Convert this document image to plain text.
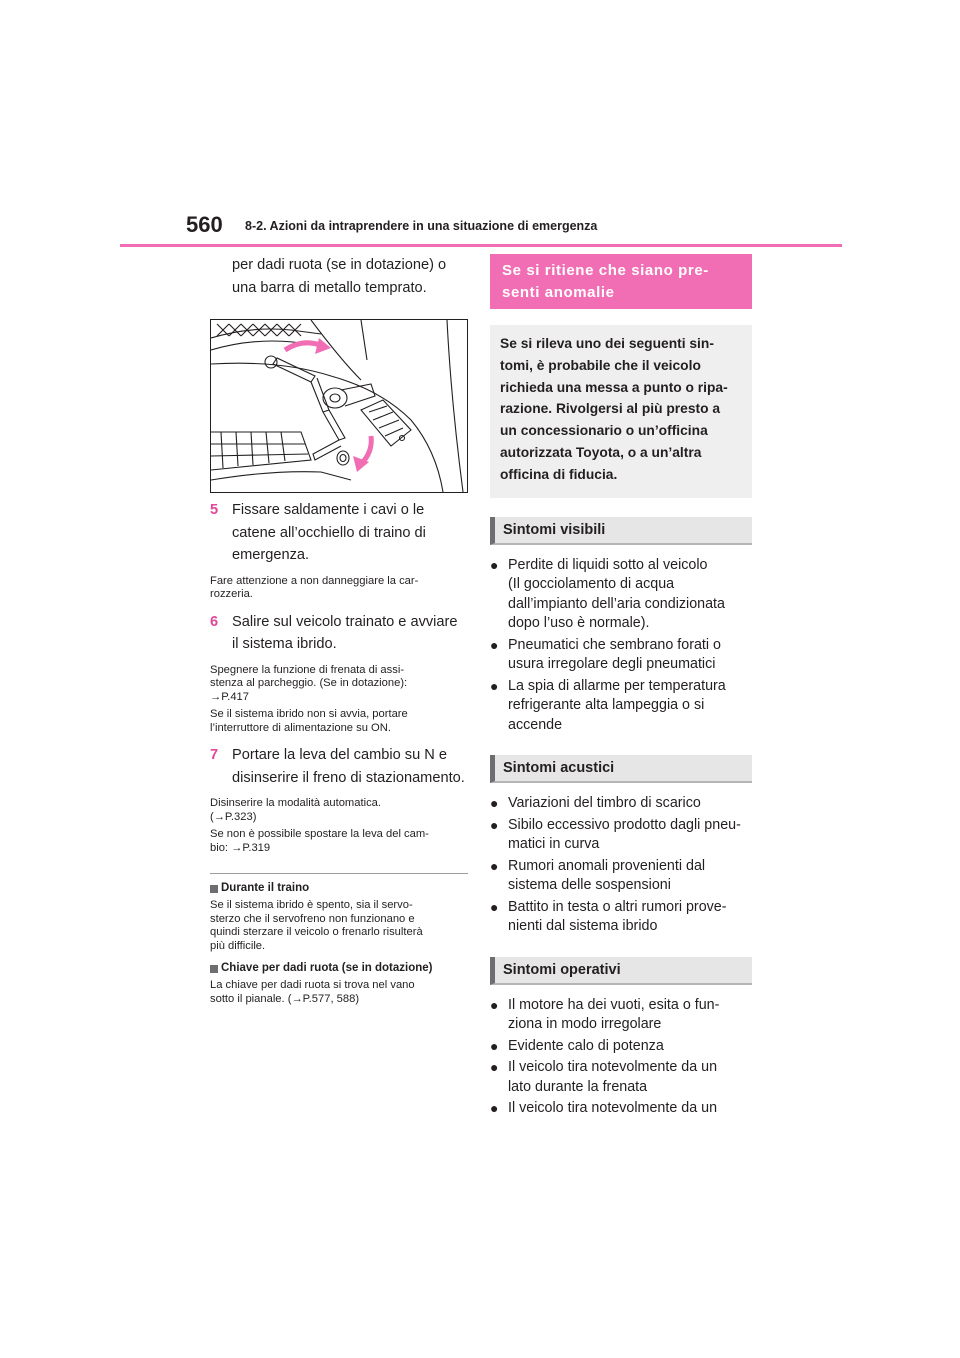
560 8-2. Azioni da intraprendere in una situazione di emergenza
per dadi ruota (se in dotazione) o
una barra di metallo temprato.
5 Fissare saldamente i cavi o le
catene all’occhiello di traino di
emergenza.
Fare attenzione a non danneggiare la car-
rozzeria.
6 Salire sul veicolo trainato e avviare
il sistema ibrido.
Spegnere la funzione di frenata di assi-
stenza al parcheggio. (Se in dotazione):
→P.417
Se il sistema ibrido non si avvia, portare
l’interruttore di alimentazione su ON.
7 Portare la leva del cambio su N e
disinserire il freno di stazionamento.
Disinserire la modalità automatica.
(→P.323)
Se non è possibile spostare la leva del cam-
bio: →P.319
Durante il traino
Se il sistema ibrido è spento, sia il servo-
sterzo che il servofreno non funzionano e
quindi sterzare il veicolo o frenarlo risulterà
più difficile.
Chiave per dadi ruota (se in dotazione)
La chiave per dadi ruota si trova nel vano
sotto il pianale. (→P.577, 588)
Se si ritiene che siano pre-
senti anomalie
Se si rileva uno dei seguenti sin-
tomi, è probabile che il veicolo
richieda una messa a punto o ripa-
razione. Rivolgersi al più presto a
un concessionario o un’officina
autorizzata Toyota, o a un’altra
officina di fiducia.
Sintomi visibili
● Perdite di liquidi sotto al veicolo
(Il gocciolamento di acqua
dall’impianto dell’aria condizionata
dopo l’uso è normale).
● Pneumatici che sembrano forati o
usura irregolare degli pneumatici
● La spia di allarme per temperatura
refrigerante alta lampeggia o si
accende
Sintomi acustici
● Variazioni del timbro di scarico
● Sibilo eccessivo prodotto dagli pneu-
matici in curva
● Rumori anomali provenienti dal
sistema delle sospensioni
● Battito in testa o altri rumori prove-
nienti dal sistema ibrido
Sintomi operativi
● Il motore ha dei vuoti, esita o fun-
ziona in modo irregolare
● Evidente calo di potenza
● Il veicolo tira notevolmente da un
lato durante la frenata
● Il veicolo tira notevolmente da un
